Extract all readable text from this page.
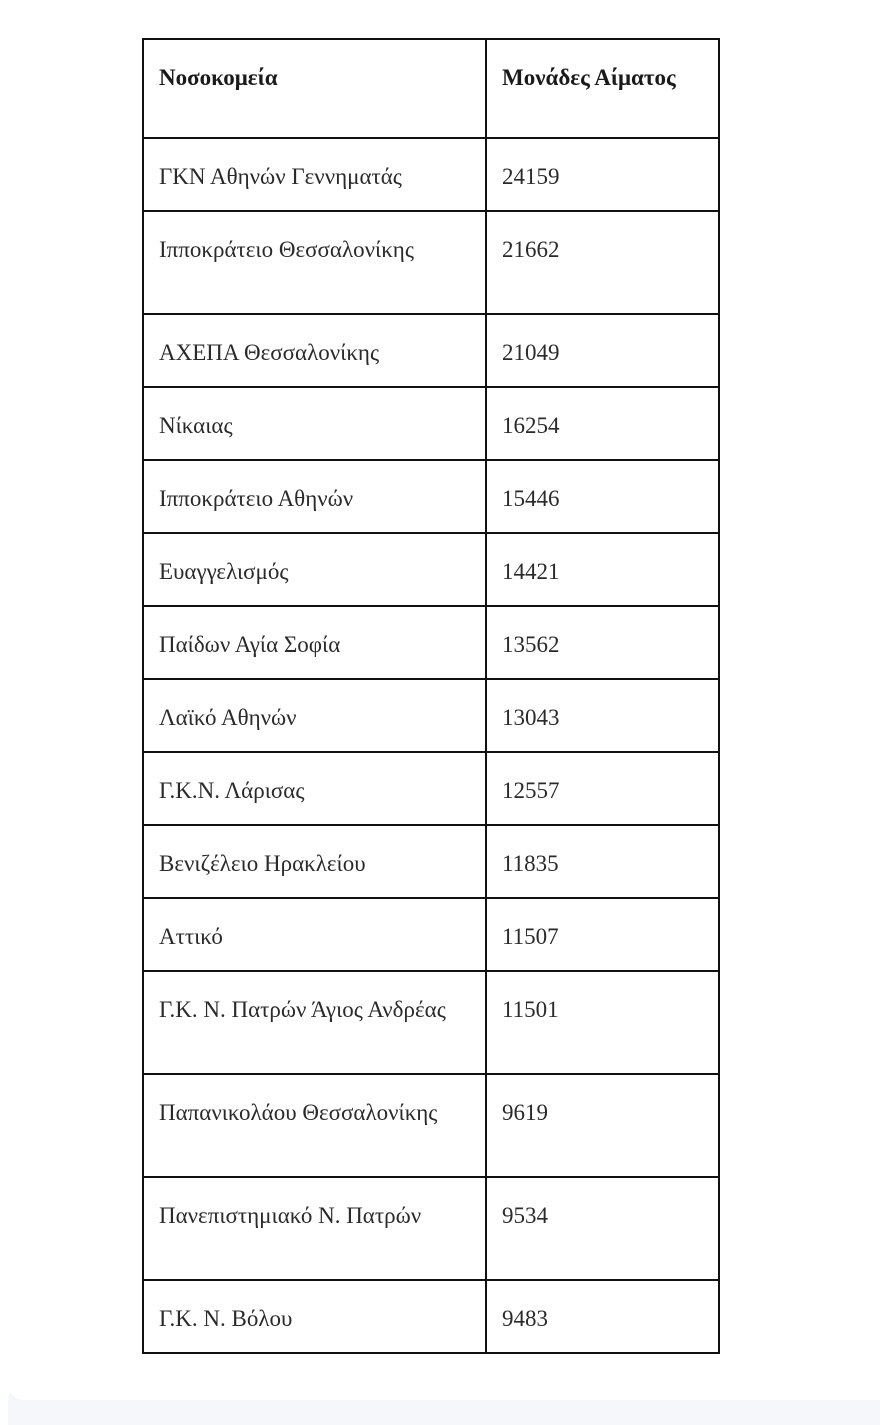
Νοσοκομεία	Μονάδες Αίματος
ΓΚΝ Αθηνών Γεννηματάς	24159
Ιπποκράτειο Θεσσαλονίκης	21662
ΑΧΕΠΑ Θεσσαλονίκης	21049
Νίκαιας	16254
Ιπποκράτειο Αθηνών	15446
Ευαγγελισμός	14421
Παίδων Αγία Σοφία	13562
Λαϊκό Αθηνών	13043
Γ.Κ.Ν. Λάρισας	12557
Βενιζέλειο Ηρακλείου	11835
Αττικό	11507
Γ.Κ. Ν. Πατρών Άγιος Ανδρέας	11501
Παπανικολάου Θεσσαλονίκης	9619
Πανεπιστημιακό Ν. Πατρών	9534
Γ.Κ. Ν. Βόλου	9483
